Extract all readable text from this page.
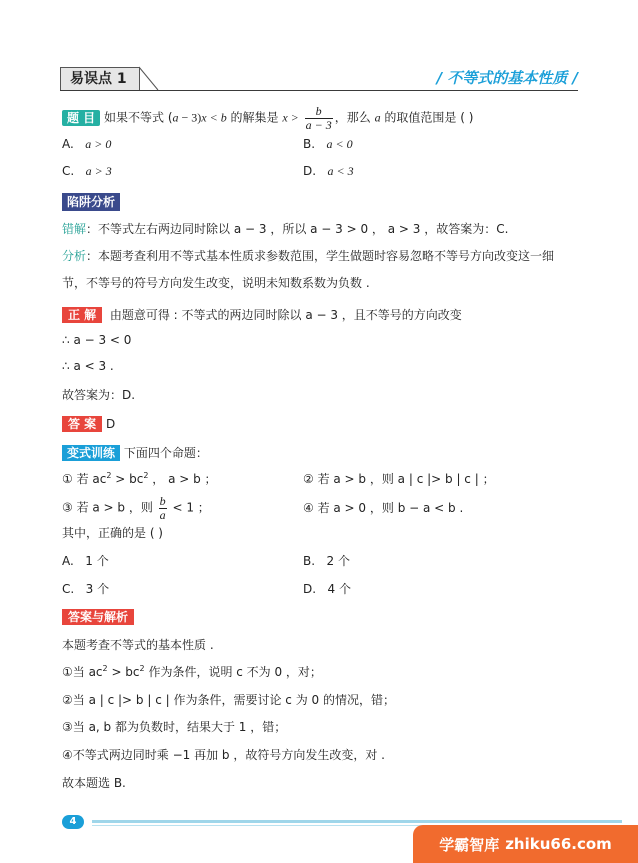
易误点 1	/ 不等式的基本性质 /
题 目 如果不等式 (a − 3)x < b 的解集是 $x > \frac{b}{a - 3}$ ，那么 a 的取值范围是 ( )
A. a > 0	B. a < 0
C. a > 3	D. a < 3
陷阱分析
错解：不等式左右两边同时除以 a − 3 ，所以 a − 3 > 0 ， a > 3 ，故答案为：C.
分析：本题考查利用不等式基本性质求参数范围，学生做题时容易忽略不等号方向改变这一细
节，不等号的符号方向发生改变，说明未知数系数为负数 .
正 解 由题意可得 : 不等式的两边同时除以 a − 3 ，且不等号的方向改变
∴ a − 3 < 0
∴ a < 3 .
故答案为：D.
答 案 D
变式训练 下面四个命题：
① 若 $ac^2 > bc^2$ ， a > b ；	② 若 a > b ，则 a | c |> b | c | ；
③ 若 a > b ，则 $\frac{b}{a} < 1$ ；	④ 若 a > 0 ，则 b − a < b .
其中，正确的是 ( )
A. 1 个	B. 2 个
C. 3 个	D. 4 个
答案与解析
本题考查不等式的基本性质 .
①当 $ac^2 > bc^2$ 作为条件，说明 c 不为 0 ，对；
②当 a | c |> b | c | 作为条件，需要讨论 c 为 0 的情况，错；
③当 a, b 都为负数时，结果大于 1 ，错；
④不等式两边同时乘 −1 再加 b ，故符号方向发生改变，对 .
故本题选 B.
4
学霸智库 zhiku66.com
